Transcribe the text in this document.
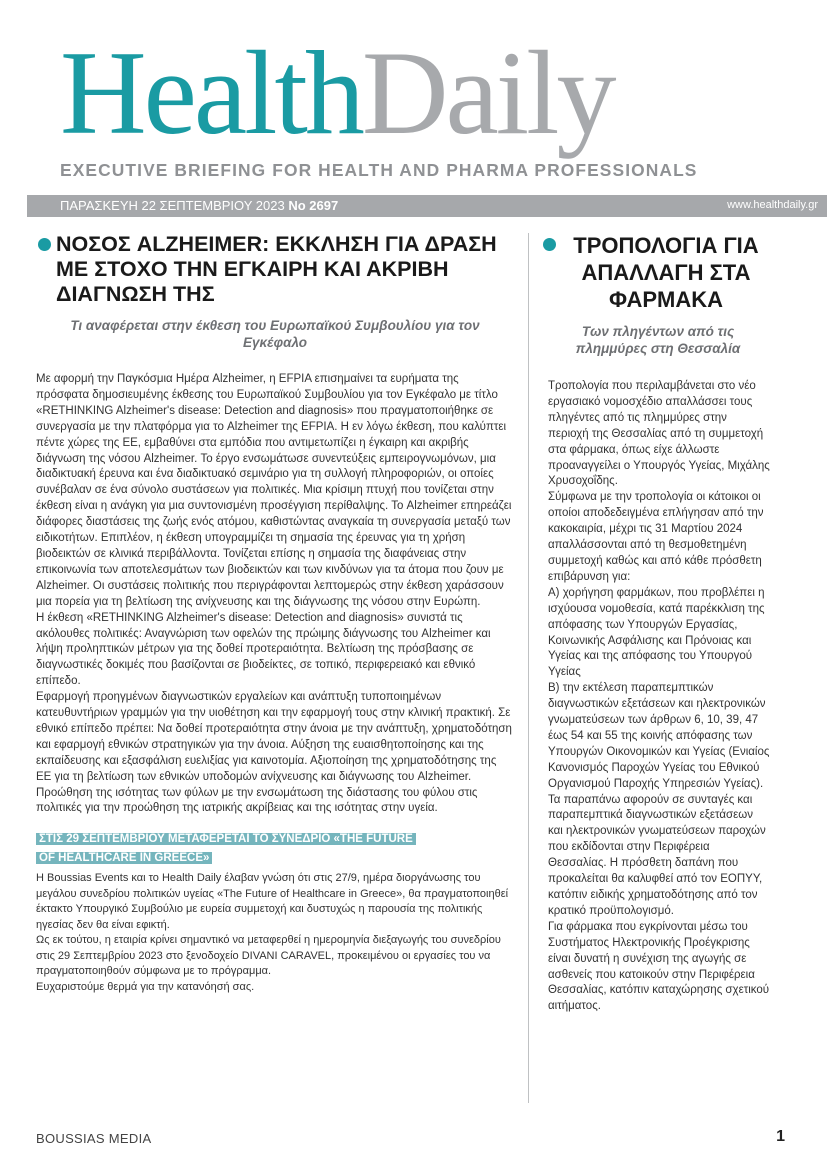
HealthDaily
EXECUTIVE BRIEFING FOR HEALTH AND PHARMA PROFESSIONALS
ΠΑΡΑΣΚΕΥΗ 22 ΣΕΠΤΕΜΒΡΙΟΥ 2023 No 2697	www.healthdaily.gr
ΝΟΣΟΣ ALZHEIMER: ΕΚΚΛΗΣΗ ΓΙΑ ΔΡΑΣΗ ΜΕ ΣΤΟΧΟ ΤΗΝ ΕΓΚΑΙΡΗ ΚΑΙ ΑΚΡΙΒΗ ΔΙΑΓΝΩΣΗ ΤΗΣ
Τι αναφέρεται στην έκθεση του Ευρωπαϊκού Συμβουλίου για τον Εγκέφαλο

Με αφορμή την Παγκόσμια Ημέρα Alzheimer, η EFPIA επισημαίνει τα ευρήματα της πρόσφατα δημοσιευμένης έκθεσης του Ευρωπαϊκού Συμβουλίου για τον Εγκέφαλο με τίτλο «RETHINKING Alzheimer's disease: Detection and diagnosis» που πραγματοποιήθηκε σε συνεργασία με την πλατφόρμα για το Alzheimer της EFPIA. Η εν λόγω έκθεση, που καλύπτει πέντε χώρες της ΕΕ, εμβαθύνει στα εμπόδια που αντιμετωπίζει η έγκαιρη και ακριβής διάγνωση της νόσου Alzheimer. Το έργο ενσωμάτωσε συνεντεύξεις εμπειρογνωμόνων, μια διαδικτυακή έρευνα και ένα διαδικτυακό σεμινάριο για τη συλλογή πληροφοριών, οι οποίες συνέβαλαν σε ένα σύνολο συστάσεων για πολιτικές. Μια κρίσιμη πτυχή που τονίζεται στην έκθεση είναι η ανάγκη για μια συντονισμένη προσέγγιση περίθαλψης. Το Alzheimer επηρεάζει διάφορες διαστάσεις της ζωής ενός ατόμου, καθιστώντας αναγκαία τη συνεργασία μεταξύ των ειδικοτήτων. Επιπλέον, η έκθεση υπογραμμίζει τη σημασία της έρευνας για τη χρήση βιοδεικτών σε κλινικά περιβάλλοντα. Τονίζεται επίσης η σημασία της διαφάνειας στην επικοινωνία των αποτελεσμάτων των βιοδεικτών και των κινδύνων για τα άτομα που ζουν με Alzheimer. Οι συστάσεις πολιτικής που περιγράφονται λεπτομερώς στην έκθεση χαράσσουν μια πορεία για τη βελτίωση της ανίχνευσης και της διάγνωσης της νόσου στην Ευρώπη.

Η έκθεση «RETHINKING Alzheimer's disease: Detection and diagnosis» συνιστά τις ακόλουθες πολιτικές: Αναγνώριση των οφελών της πρώιμης διάγνωσης του Alzheimer και λήψη προληπτικών μέτρων για της δοθεί προτεραιότητα. Βελτίωση της πρόσβασης σε διαγνωστικές δοκιμές που βασίζονται σε βιοδείκτες, σε τοπικό, περιφερειακό και εθνικό επίπεδο.

Εφαρμογή προηγμένων διαγνωστικών εργαλείων και ανάπτυξη τυποποιημένων κατευθυντήριων γραμμών για την υιοθέτηση και την εφαρμογή τους στην κλινική πρακτική. Σε εθνικό επίπεδο πρέπει: Να δοθεί προτεραιότητα στην άνοια με την ανάπτυξη, χρηματοδότηση και εφαρμογή εθνικών στρατηγικών για την άνοια. Αύξηση της ευαισθητοποίησης και της εκπαίδευσης και εξασφάλιση ευελιξίας για καινοτομία. Αξιοποίηση της χρηματοδότησης της ΕΕ για τη βελτίωση των εθνικών υποδομών ανίχνευσης και διάγνωσης του Alzheimer. Προώθηση της ισότητας των φύλων με την ενσωμάτωση της διάστασης του φύλου στις πολιτικές για την προώθηση της ιατρικής ακρίβειας και της ισότητας στην υγεία.

ΣΤΙΣ 29 ΣΕΠΤΕΜΒΡΙΟΥ ΜΕΤΑΦΕΡΕΤΑΙ ΤΟ ΣΥΝΕΔΡΙΟ «THE FUTURE OF HEALTHCARE IN GREECE»

Η Boussias Events και το Health Daily έλαβαν γνώση ότι στις 27/9, ημέρα διοργάνωσης του μεγάλου συνεδρίου πολιτικών υγείας «The Future of Healthcare in Greece», θα πραγματοποιηθεί έκτακτο Υπουργικό Συμβούλιο με ευρεία συμμετοχή και δυστυχώς η παρουσία της πολιτικής ηγεσίας δεν θα είναι εφικτή.

Ως εκ τούτου, η εταιρία κρίνει σημαντικό να μεταφερθεί η ημερομηνία διεξαγωγής του συνεδρίου στις 29 Σεπτεμβρίου 2023 στο ξενοδοχείο DIVANI CARAVEL, προκειμένου οι εργασίες του να πραγματοποιηθούν σύμφωνα με το πρόγραμμα.

Ευχαριστούμε θερμά για την κατανόησή σας.

ΤΡΟΠΟΛΟΓΙΑ ΓΙΑ ΑΠΑΛΛΑΓΗ ΣΤΑ ΦΑΡΜΑΚΑ
Των πληγέντων από τις πλημμύρες στη Θεσσαλία

Τροπολογία που περιλαμβάνεται στο νέο εργασιακό νομοσχέδιο απαλλάσσει τους πληγέντες από τις πλημμύρες στην περιοχή της Θεσσαλίας από τη συμμετοχή στα φάρμακα, όπως είχε άλλωστε προαναγγείλει ο Υπουργός Υγείας, Μιχάλης Χρυσοχοΐδης.

Σύμφωνα με την τροπολογία οι κάτοικοι οι οποίοι αποδεδειγμένα επλήγησαν από την κακοκαιρία, μέχρι τις 31 Μαρτίου 2024 απαλλάσσονται από τη θεσμοθετημένη συμμετοχή καθώς και από κάθε πρόσθετη επιβάρυνση για:

Α) χορήγηση φαρμάκων, που προβλέπει η ισχύουσα νομοθεσία, κατά παρέκκλιση της απόφασης των Υπουργών Εργασίας, Κοινωνικής Ασφάλισης και Πρόνοιας και Υγείας και της απόφασης του Υπουργού Υγείας

Β) την εκτέλεση παραπεμπτικών διαγνωστικών εξετάσεων και ηλεκτρονικών γνωματεύσεων των άρθρων 6, 10, 39, 47 έως 54 και 55 της κοινής απόφασης των Υπουργών Οικονομικών και Υγείας (Ενιαίος Κανονισμός Παροχών Υγείας του Εθνικού Οργανισμού Παροχής Υπηρεσιών Υγείας).

Τα παραπάνω αφορούν σε συνταγές και παραπεμπτικά διαγνωστικών εξετάσεων και ηλεκτρονικών γνωματεύσεων παροχών που εκδίδονται στην Περιφέρεια Θεσσαλίας. Η πρόσθετη δαπάνη που προκαλείται θα καλυφθεί από τον ΕΟΠΥΥ, κατόπιν ειδικής χρηματοδότησης από τον κρατικό προϋπολογισμό.

Για φάρμακα που εγκρίνονται μέσω του Συστήματος Ηλεκτρονικής Προέγκρισης είναι δυνατή η συνέχιση της αγωγής σε ασθενείς που κατοικούν στην Περιφέρεια Θεσσαλίας, κατόπιν καταχώρησης σχετικού αιτήματος.

BOUSSIAS MEDIA	1
